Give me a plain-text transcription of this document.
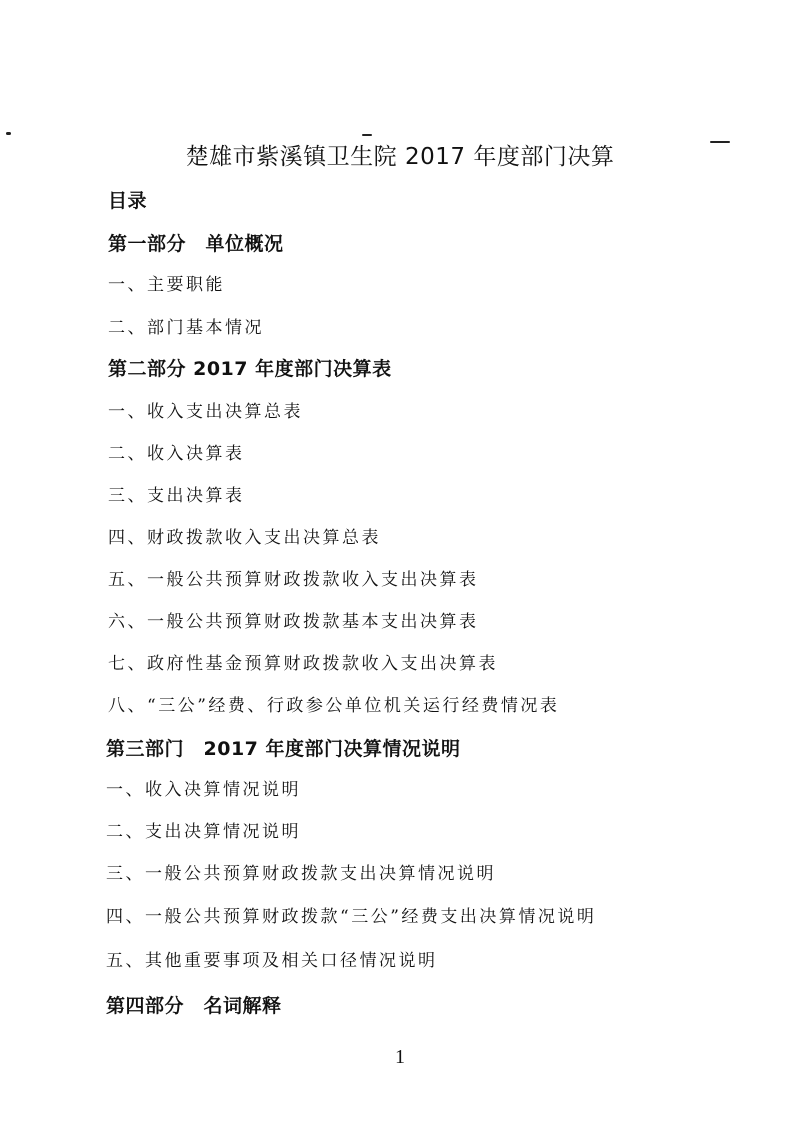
楚雄市紫溪镇卫生院 2017 年度部门决算
目录
第一部分　单位概况
一、主要职能
二、部门基本情况
第二部分 2017 年度部门决算表
一、收入支出决算总表
二、收入决算表
三、支出决算表
四、财政拨款收入支出决算总表
五、一般公共预算财政拨款收入支出决算表
六、一般公共预算财政拨款基本支出决算表
七、政府性基金预算财政拨款收入支出决算表
八、“三公”经费、行政参公单位机关运行经费情况表
第三部门　2017 年度部门决算情况说明
一、收入决算情况说明
二、支出决算情况说明
三、一般公共预算财政拨款支出决算情况说明
四、一般公共预算财政拨款“三公”经费支出决算情况说明
五、其他重要事项及相关口径情况说明
第四部分　名词解释
1
